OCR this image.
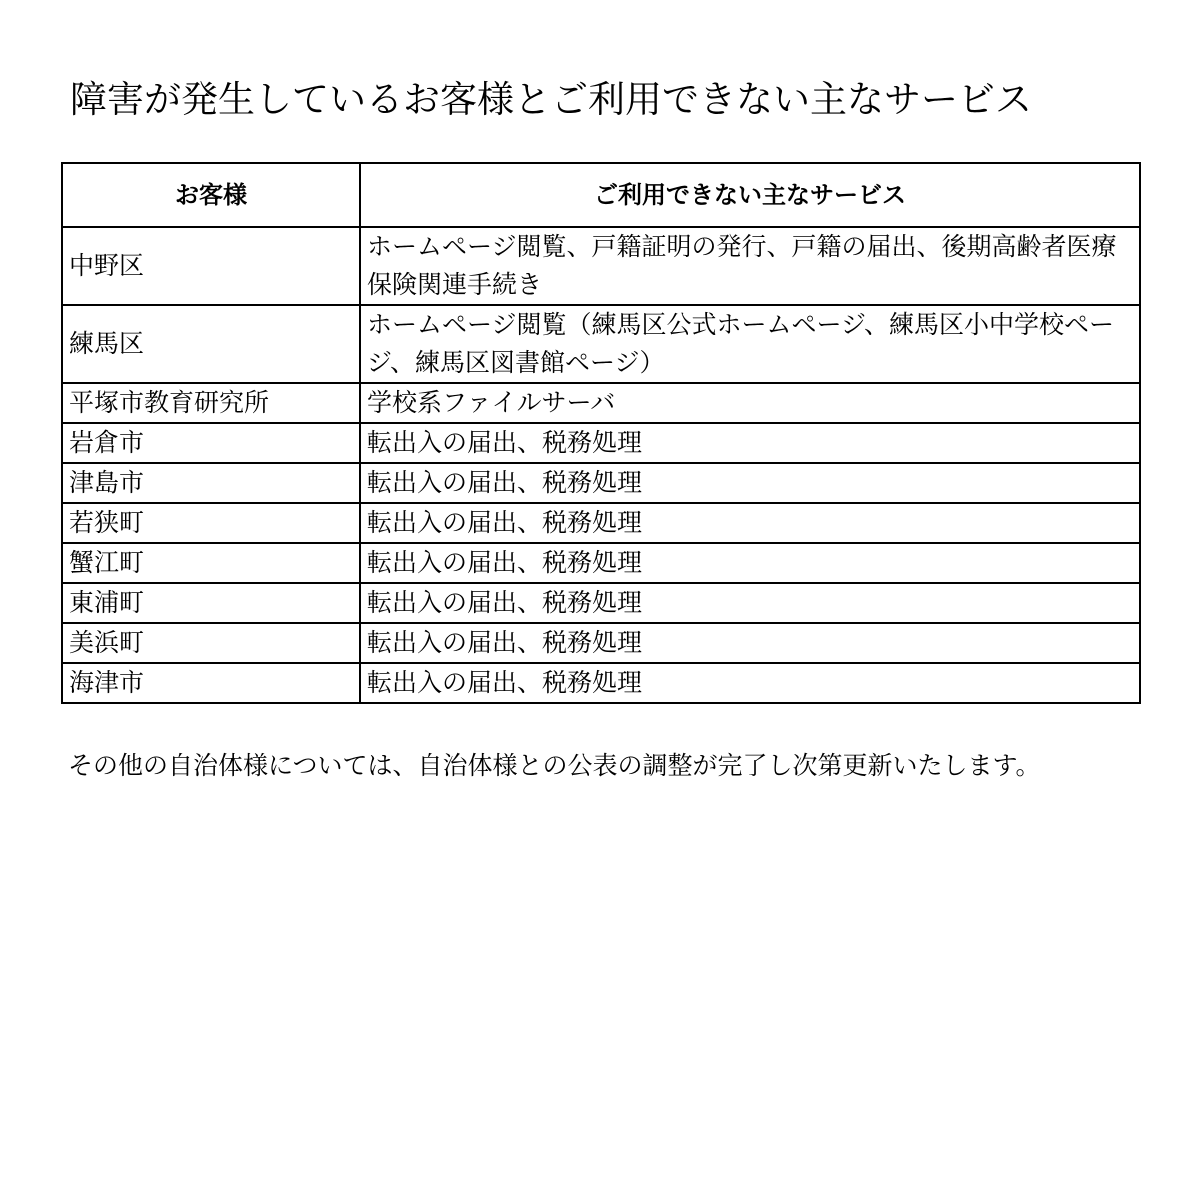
障害が発生しているお客様とご利用できない主なサービス
お客様	ご利用できない主なサービス
中野区	ホームページ閲覧、戸籍証明の発行、戸籍の届出、後期高齢者医療保険関連手続き

練馬区	ホームページ閲覧（練馬区公式ホームページ、練馬区小中学校ページ、練馬区図書館ページ）

平塚市教育研究所	学校系ファイルサーバ
岩倉市	転出入の届出、税務処理
津島市	転出入の届出、税務処理
若狭町	転出入の届出、税務処理
蟹江町	転出入の届出、税務処理
東浦町	転出入の届出、税務処理
美浜町	転出入の届出、税務処理
海津市	転出入の届出、税務処理

その他の自治体様については、自治体様との公表の調整が完了し次第更新いたします。
